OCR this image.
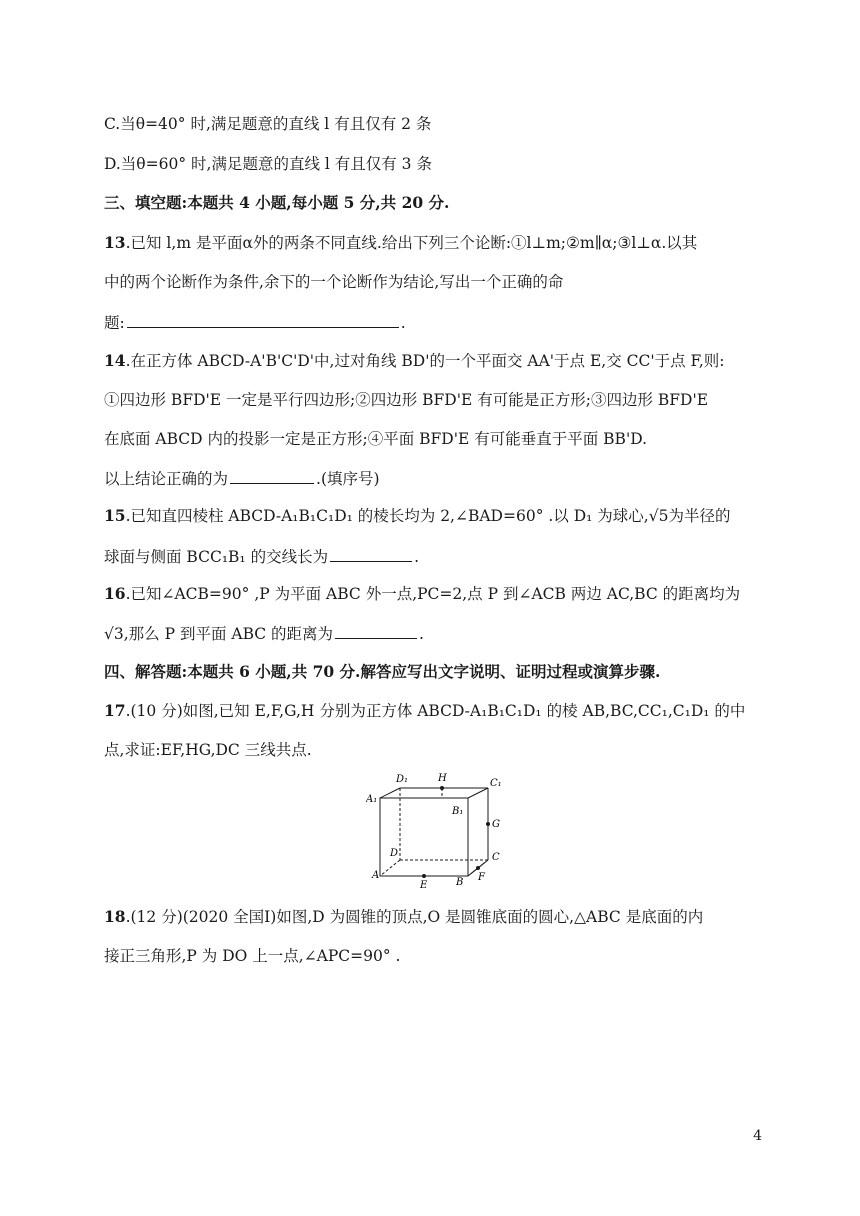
C.当θ=40° 时,满足题意的直线 l 有且仅有 2 条
D.当θ=60° 时,满足题意的直线 l 有且仅有 3 条
三、填空题:本题共 4 小题,每小题 5 分,共 20 分.
13.已知 l,m 是平面α外的两条不同直线.给出下列三个论断:①l⊥m;②m∥α;③l⊥α.以其
中的两个论断作为条件,余下的一个论断作为结论,写出一个正确的命
题:	.
14.在正方体 ABCD-A'B'C'D'中,过对角线 BD'的一个平面交 AA'于点 E,交 CC'于点 F,则:
①四边形 BFD'E 一定是平行四边形;②四边形 BFD'E 有可能是正方形;③四边形 BFD'E
在底面 ABCD 内的投影一定是正方形;④平面 BFD'E 有可能垂直于平面 BB'D.
以上结论正确的为	.(填序号)
15.已知直四棱柱 ABCD-A₁B₁C₁D₁ 的棱长均为 2,∠BAD=60° .以 D₁ 为球心,√5为半径的
球面与侧面 BCC₁B₁ 的交线长为	.
16.已知∠ACB=90° ,P 为平面 ABC 外一点,PC=2,点 P 到∠ACB 两边 AC,BC 的距离均为
√3,那么 P 到平面 ABC 的距离为	.
四、解答题:本题共 6 小题,共 70 分.解答应写出文字说明、证明过程或演算步骤.
17.(10 分)如图,已知 E,F,G,H 分别为正方体 ABCD-A₁B₁C₁D₁ 的棱 AB,BC,CC₁,C₁D₁ 的中
点,求证:EF,HG,DC 三线共点.
D₁	H	C₁
A₁
B₁
G
D	C
A
E	B F
18.(12 分)(2020 全国Ⅰ)如图,D 为圆锥的顶点,O 是圆锥底面的圆心,△ABC 是底面的内
接正三角形,P 为 DO 上一点,∠APC=90° .
4
